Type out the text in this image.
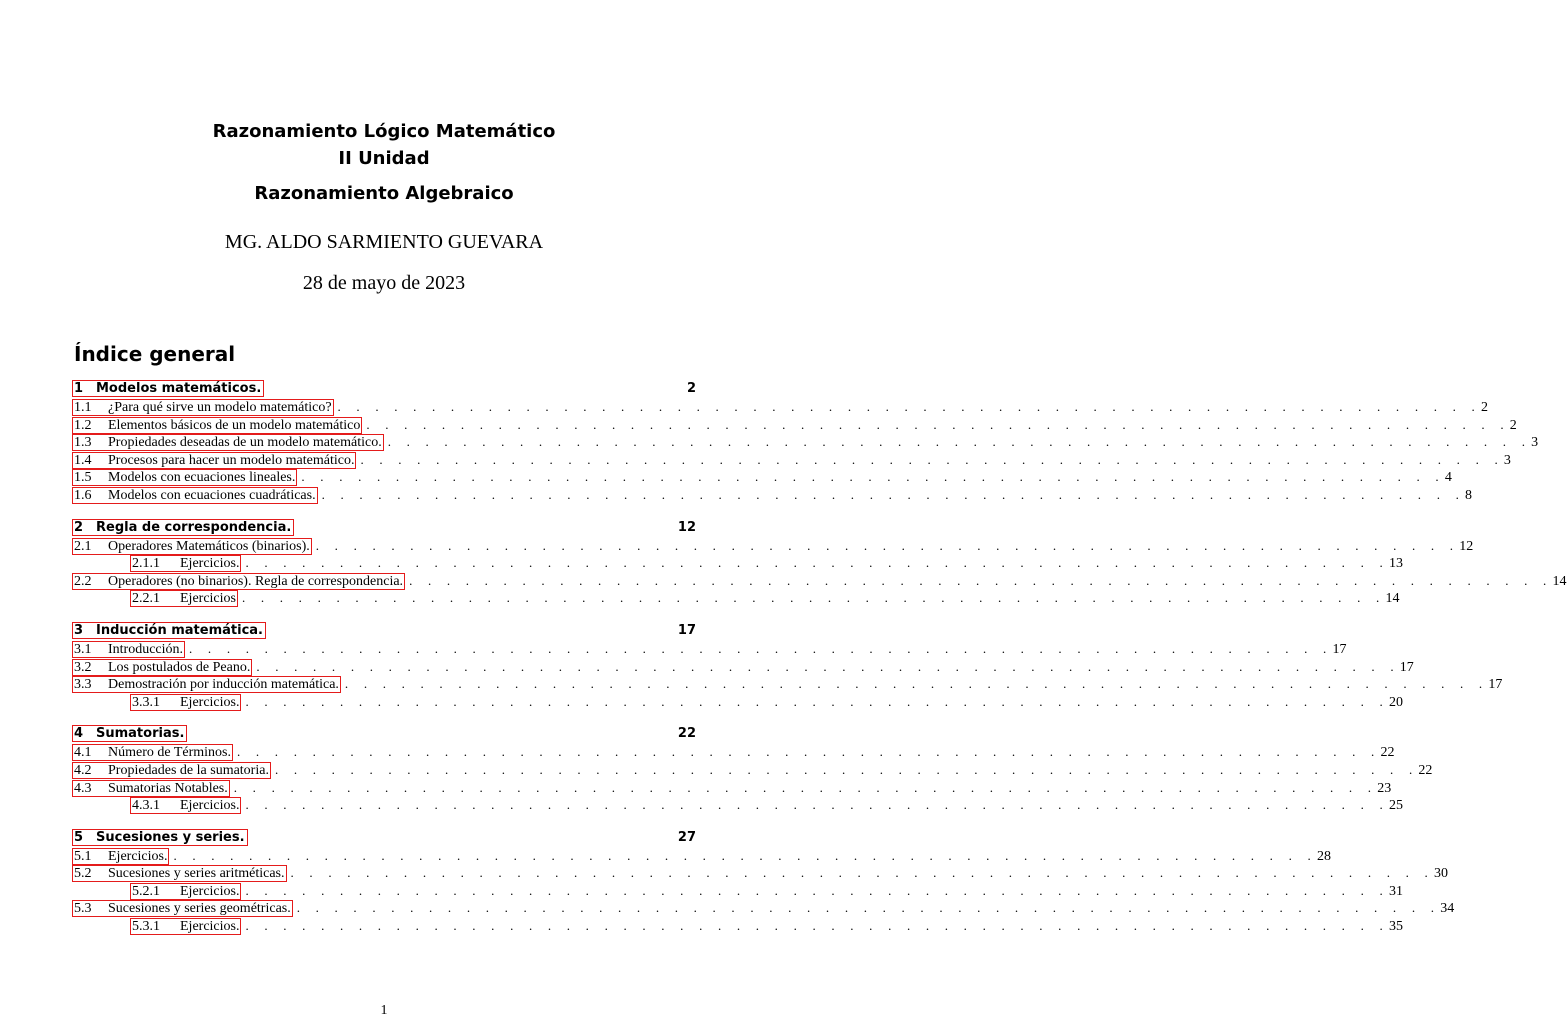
Razonamiento Lógico Matemático

II Unidad

Razonamiento Algebraico

MG. ALDO SARMIENTO GUEVARA
28 de mayo de 2023
Índice general
1 Modelos matemáticos.	2
1.1	¿Para qué sirve un modelo matemático? . . . . . . . . . . . . . . . . . . . . . . . . . . . . . . . . . . . . . . . . . . . . . . . . . . . . . . . . . . . . . 2
1.2	Elementos básicos de un modelo matemático . . . . . . . . . . . . . . . . . . . . . . . . . . . . . . . . . . . . . . . . . . . . . . . . . . . . . . . . . . . . . 2
1.3	Propiedades deseadas de un modelo matemático. . . . . . . . . . . . . . . . . . . . . . . . . . . . . . . . . . . . . . . . . . . . . . . . . . . . . . . . . . . . . . 3
1.4	Procesos para hacer un modelo matemático. . . . . . . . . . . . . . . . . . . . . . . . . . . . . . . . . . . . . . . . . . . . . . . . . . . . . . . . . . . . . . 3
1.5	Modelos con ecuaciones lineales. . . . . . . . . . . . . . . . . . . . . . . . . . . . . . . . . . . . . . . . . . . . . . . . . . . . . . . . . . . . . . 4
1.6	Modelos con ecuaciones cuadráticas. . . . . . . . . . . . . . . . . . . . . . . . . . . . . . . . . . . . . . . . . . . . . . . . . . . . . . . . . . . . . . 8
2 Regla de correspondencia.	12
2.1	Operadores Matemáticos (binarios). . . . . . . . . . . . . . . . . . . . . . . . . . . . . . . . . . . . . . . . . . . . . . . . . . . . . . . . . . . . . . 12
2.1.1	Ejercicios. . . . . . . . . . . . . . . . . . . . . . . . . . . . . . . . . . . . . . . . . . . . . . . . . . . . . . . . . . . . . . 13
2.2	Operadores (no binarios). Regla de correspondencia. . . . . . . . . . . . . . . . . . . . . . . . . . . . . . . . . . . . . . . . . . . . . . . . . . . . . . . . . . . . . . 14
2.2.1	Ejercicios . . . . . . . . . . . . . . . . . . . . . . . . . . . . . . . . . . . . . . . . . . . . . . . . . . . . . . . . . . . . . 14
3 Inducción matemática.	17
3.1	Introducción. . . . . . . . . . . . . . . . . . . . . . . . . . . . . . . . . . . . . . . . . . . . . . . . . . . . . . . . . . . . . . 17
3.2	Los postulados de Peano. . . . . . . . . . . . . . . . . . . . . . . . . . . . . . . . . . . . . . . . . . . . . . . . . . . . . . . . . . . . . . 17
3.3	Demostración por inducción matemática. . . . . . . . . . . . . . . . . . . . . . . . . . . . . . . . . . . . . . . . . . . . . . . . . . . . . . . . . . . . . . 17
3.3.1	Ejercicios. . . . . . . . . . . . . . . . . . . . . . . . . . . . . . . . . . . . . . . . . . . . . . . . . . . . . . . . . . . . . . 20
4 Sumatorias.	22
4.1	Número de Términos. . . . . . . . . . . . . . . . . . . . . . . . . . . . . . . . . . . . . . . . . . . . . . . . . . . . . . . . . . . . . . 22
4.2	Propiedades de la sumatoria. . . . . . . . . . . . . . . . . . . . . . . . . . . . . . . . . . . . . . . . . . . . . . . . . . . . . . . . . . . . . . 22
4.3	Sumatorias Notables. . . . . . . . . . . . . . . . . . . . . . . . . . . . . . . . . . . . . . . . . . . . . . . . . . . . . . . . . . . . . . 23
4.3.1	Ejercicios. . . . . . . . . . . . . . . . . . . . . . . . . . . . . . . . . . . . . . . . . . . . . . . . . . . . . . . . . . . . . . 25
5 Sucesiones y series.	27
5.1	Ejercicios. . . . . . . . . . . . . . . . . . . . . . . . . . . . . . . . . . . . . . . . . . . . . . . . . . . . . . . . . . . . . . 28
5.2	Sucesiones y series aritméticas. . . . . . . . . . . . . . . . . . . . . . . . . . . . . . . . . . . . . . . . . . . . . . . . . . . . . . . . . . . . . . 30
5.2.1	Ejercicios. . . . . . . . . . . . . . . . . . . . . . . . . . . . . . . . . . . . . . . . . . . . . . . . . . . . . . . . . . . . . . 31
5.3	Sucesiones y series geométricas. . . . . . . . . . . . . . . . . . . . . . . . . . . . . . . . . . . . . . . . . . . . . . . . . . . . . . . . . . . . . . 34
5.3.1	Ejercicios. . . . . . . . . . . . . . . . . . . . . . . . . . . . . . . . . . . . . . . . . . . . . . . . . . . . . . . . . . . . . . 35
1
